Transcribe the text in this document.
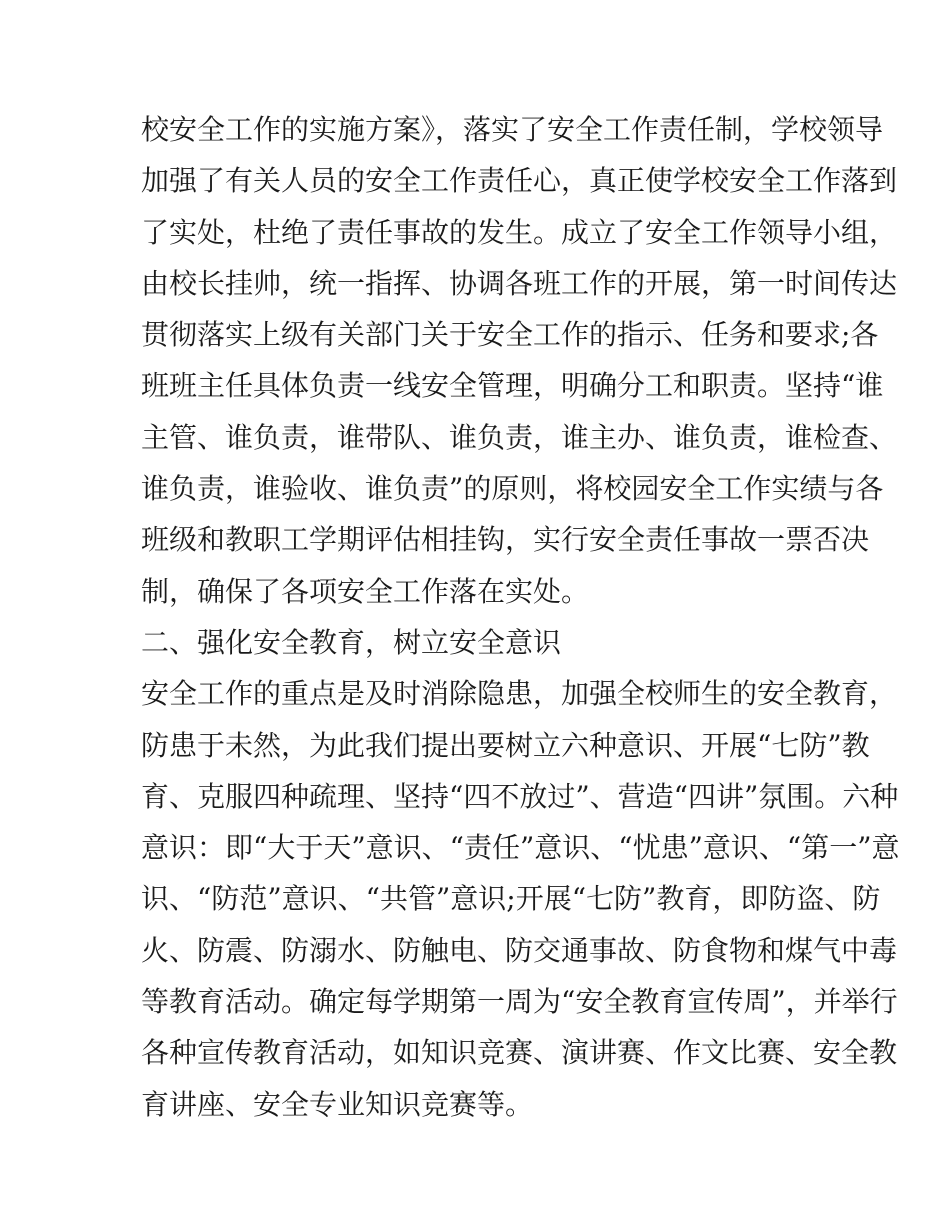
校安全工作的实施方案》，落实了安全工作责任制，学校领导
加强了有关人员的安全工作责任心，真正使学校安全工作落到
了实处，杜绝了责任事故的发生。成立了安全工作领导小组，
由校长挂帅，统一指挥、协调各班工作的开展，第一时间传达
贯彻落实上级有关部门关于安全工作的指示、任务和要求;各
班班主任具体负责一线安全管理，明确分工和职责。坚持“谁
主管、谁负责，谁带队、谁负责，谁主办、谁负责，谁检查、
谁负责，谁验收、谁负责”的原则，将校园安全工作实绩与各
班级和教职工学期评估相挂钩，实行安全责任事故一票否决
制，确保了各项安全工作落在实处。
二、强化安全教育，树立安全意识
安全工作的重点是及时消除隐患，加强全校师生的安全教育，
防患于未然，为此我们提出要树立六种意识、开展“七防”教
育、克服四种疏理、坚持“四不放过”、营造“四讲”氛围。六种
意识：即“大于天”意识、“责任”意识、“忧患”意识、“第一”意
识、“防范”意识、“共管”意识;开展“七防”教育，即防盗、防
火、防震、防溺水、防触电、防交通事故、防食物和煤气中毒
等教育活动。确定每学期第一周为“安全教育宣传周”，并举行
各种宣传教育活动，如知识竞赛、演讲赛、作文比赛、安全教
育讲座、安全专业知识竞赛等。
